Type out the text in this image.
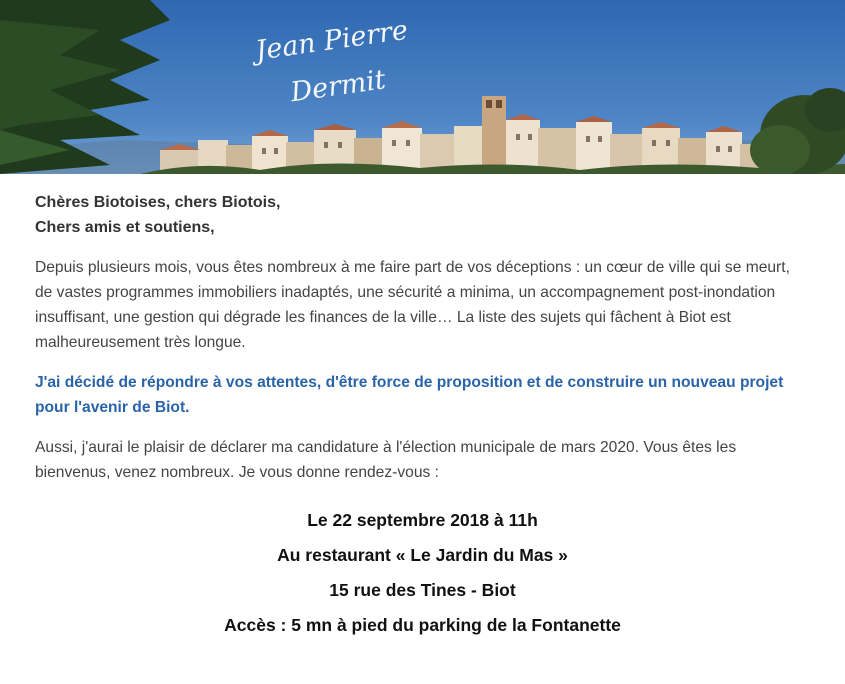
Jean Pierre
Dermit
Chères Biotoises, chers Biotois,
Chers amis et soutiens,

Depuis plusieurs mois, vous êtes nombreux à me faire part de vos déceptions : un cœur de ville qui se meurt, de vastes programmes immobiliers inadaptés, une sécurité a minima, un accompagnement post-inondation insuffisant, une gestion qui dégrade les finances de la ville… La liste des sujets qui fâchent à Biot est malheureusement très longue.

J'ai décidé de répondre à vos attentes, d'être force de proposition et de construire un nouveau projet pour l'avenir de Biot.

Aussi, j'aurai le plaisir de déclarer ma candidature à l'élection municipale de mars 2020. Vous êtes les bienvenus, venez nombreux. Je vous donne rendez-vous :

Le 22 septembre 2018 à 11h
Au restaurant « Le Jardin du Mas »
15 rue des Tines - Biot
Accès : 5 mn à pied du parking de la Fontanette
